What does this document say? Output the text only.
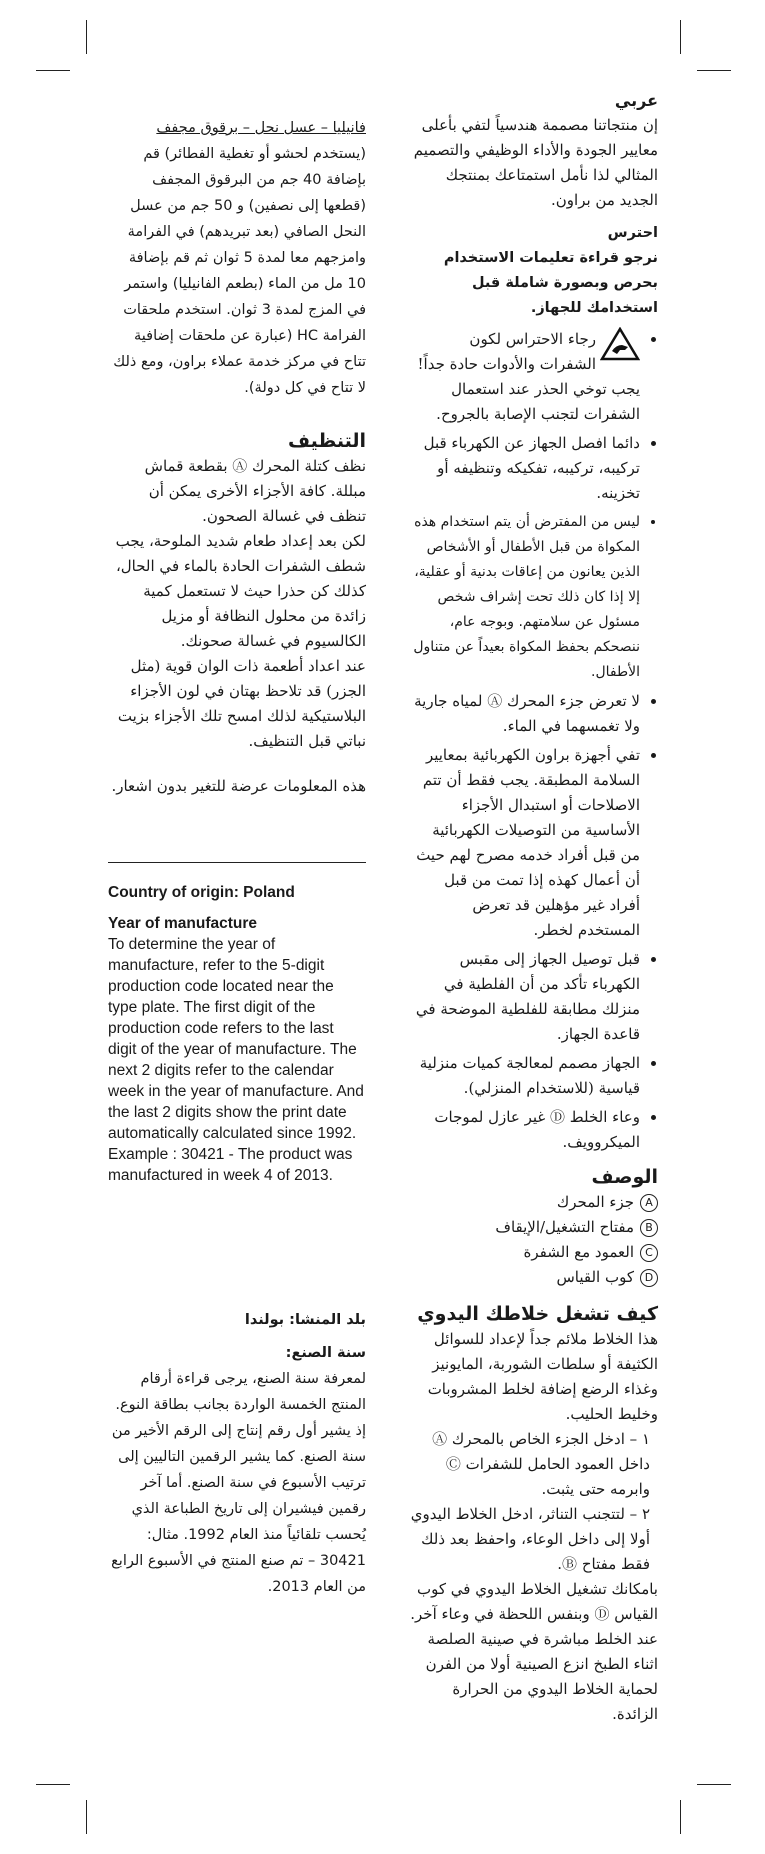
عربي

إن منتجاتنا مصممة هندسياً لتفي بأعلى معايير الجودة والأداء الوظيفي والتصميم المثالي لذا نأمل استمتاعك بمنتجك الجديد من براون.

احترس

نرجو قراءة تعليمات الاستخدام بحرص وبصورة شاملة قبل استخدامك للجهاز.

• رجاء الاحتراس لكون الشفرات والأدوات حادة جداً! يجب توخي الحذر عند استعمال الشفرات لتجنب الإصابة بالجروح.
• دائما افصل الجهاز عن الكهرباء قبل تركيبه، تركيبه، تفكيكه وتنظيفه أو تخزينه.
• ليس من المفترض أن يتم استخدام هذه المكواة من قبل الأطفال أو الأشخاص الذين يعانون من إعاقات بدنية أو عقلية، إلا إذا كان ذلك تحت إشراف شخص مسئول عن سلامتهم. وبوجه عام، ننصحكم بحفظ المكواة بعيداً عن متناول الأطفال.
• لا تعرض جزء المحرك Ⓐ لمياه جارية ولا تغمسهما في الماء.
• تفي أجهزة براون الكهربائية بمعايير السلامة المطبقة. يجب فقط أن تتم الاصلاحات أو استبدال الأجزاء الأساسية من التوصيلات الكهربائية من قبل أفراد خدمه مصرح لهم حيث أن أعمال كهذه إذا تمت من قبل أفراد غير مؤهلين قد تعرض المستخدم لخطر.
• قبل توصيل الجهاز إلى مقبس الكهرباء تأكد من أن الفلطية في منزلك مطابقة للفلطية الموضحة في قاعدة الجهاز.
• الجهاز مصمم لمعالجة كميات منزلية قياسية (للاستخدام المنزلي).
• وعاء الخلط Ⓓ غير عازل لموجات الميكروويف.
الوصف
A
جزء المحرك
B
مفتاح التشغيل/الإيقاف
C
العمود مع الشفرة
D
كوب القياس
كيف تشغل خلاطك اليدوي

هذا الخلاط ملائم جداً لإعداد للسوائل الكثيفة أو سلطات الشوربة، المايونيز وغذاء الرضع إضافة لخلط المشروبات وخليط الحليب.

١ – ادخل الجزء الخاص بالمحرك Ⓐ داخل العمود الحامل للشفرات Ⓒ وابرمه حتى يثبت.

٢ – لتتجنب التناثر، ادخل الخلاط اليدوي أولا إلى داخل الوعاء، واحفظ بعد ذلك فقط مفتاح Ⓑ.

بامكانك تشغيل الخلاط اليدوي في كوب القياس Ⓓ وبنفس اللحظة في وعاء آخر. عند الخلط مباشرة في صينية الصلصة اثناء الطبخ انزع الصينية أولا من الفرن لحماية الخلاط اليدوي من الحرارة الزائدة.

فانيليا – عسل نحل – برقوق مجفف

(يستخدم لحشو أو تغطية الفطائر) قم بإضافة 40 جم من البرقوق المجفف (قطعها إلى نصفين) و 50 جم من عسل النحل الصافي (بعد تبريدهم) في الفرامة وامزجهم معا لمدة 5 ثوان ثم قم بإضافة 10 مل من الماء (بطعم الفانيليا) واستمر في المزج لمدة 3 ثوان. استخدم ملحقات الفرامة HC (عبارة عن ملحقات إضافية تتاح في مركز خدمة عملاء براون، ومع ذلك لا تتاح في كل دولة).

التنظيف

نظف كتلة المحرك Ⓐ بقطعة قماش مبللة. كافة الأجزاء الأخرى يمكن أن تنظف في غسالة الصحون.

لكن بعد إعداد طعام شديد الملوحة، يجب شطف الشفرات الحادة بالماء في الحال، كذلك كن حذرا حيث لا تستعمل كمية زائدة من محلول النظافة أو مزيل الكالسيوم في غسالة صحونك.

عند اعداد أطعمة ذات الوان قوية (مثل الجزر) قد تلاحظ بهتان في لون الأجزاء البلاستيكية لذلك امسح تلك الأجزاء بزيت نباتي قبل التنظيف.

هذه المعلومات عرضة للتغير بدون اشعار.

Country of origin: Poland

Year of manufacture

To determine the year of manufacture, refer to the 5-digit production code located near the type plate. The first digit of the production code refers to the last digit of the year of manufacture. The next 2 digits refer to the calendar week in the year of manufacture. And the last 2 digits show the print date automatically calculated since 1992.

Example : 30421 - The product was manufactured in week 4 of 2013.

بلد المنشا: بولندا

سنة الصنع:

لمعرفة سنة الصنع، يرجى قراءة أرقام المنتج الخمسة الواردة بجانب بطاقة النوع. إذ يشير أول رقم إنتاج إلى الرقم الأخير من سنة الصنع. كما يشير الرقمين التاليين إلى ترتيب الأسبوع في سنة الصنع. أما آخر رقمين فيشيران إلى تاريخ الطباعة الذي يُحسب تلقائياً منذ العام 1992. مثال: 30421 – تم صنع المنتج في الأسبوع الرابع من العام 2013.
